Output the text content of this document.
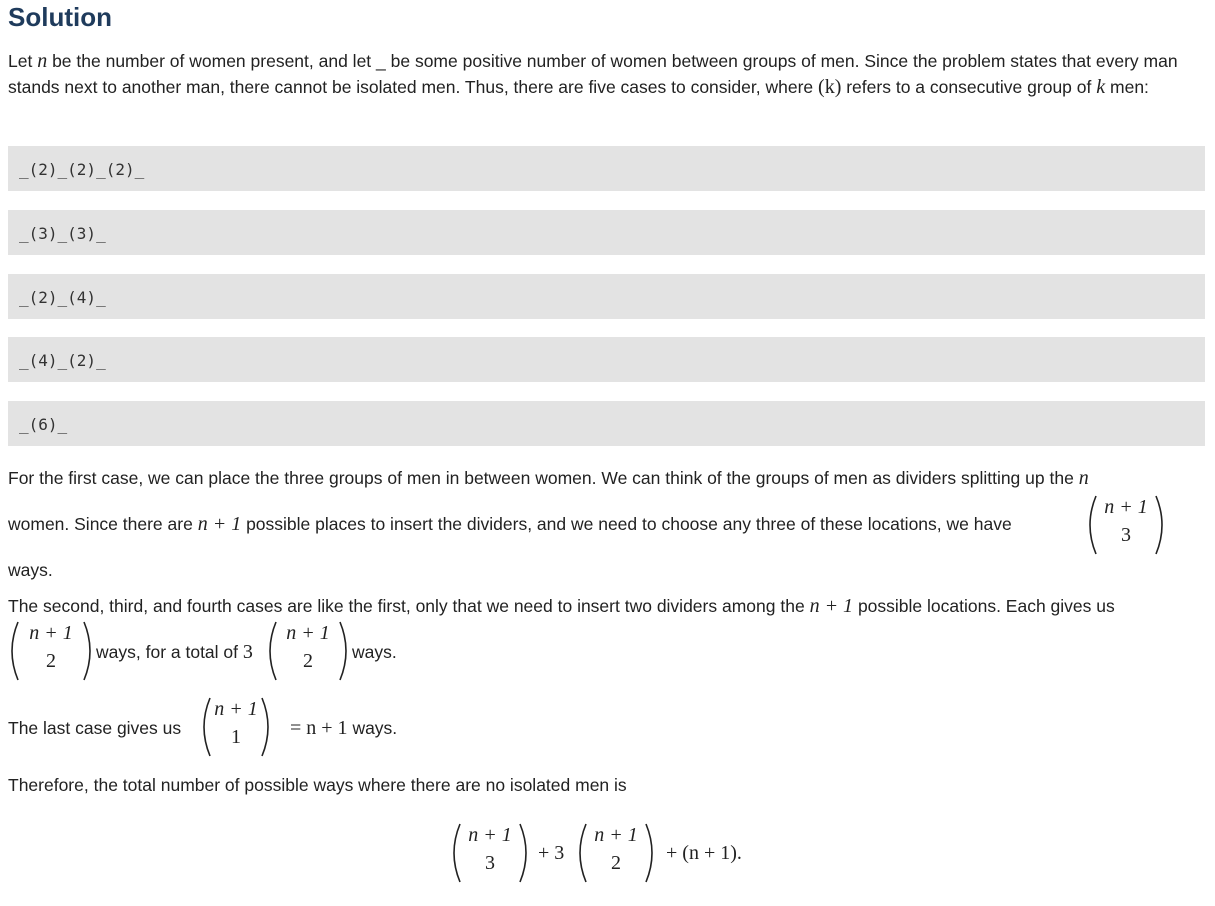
Solution
Let n be the number of women present, and let _ be some positive number of women between groups of men. Since the problem states that every man stands next to another man, there cannot be isolated men. Thus, there are five cases to consider, where (k) refers to a consecutive group of k men:
_(2)_(2)_(2)_
_(3)_(3)_
_(2)_(4)_
_(4)_(2)_
_(6)_
For the first case, we can place the three groups of men in between women. We can think of the groups of men as dividers splitting up the n
women. Since there are n + 1 possible places to insert the dividers, and we need to choose any three of these locations, we have
n + 1
3
ways.
The second, third, and fourth cases are like the first, only that we need to insert two dividers among the n + 1 possible locations. Each gives us
n + 1
2	ways, for a total of 3
n + 1
2	ways.
The last case gives us
n + 1
1	= n + 1 ways.
Therefore, the total number of possible ways where there are no isolated men is
n + 1
3	+ 3
n + 1
2	+ (n + 1).
